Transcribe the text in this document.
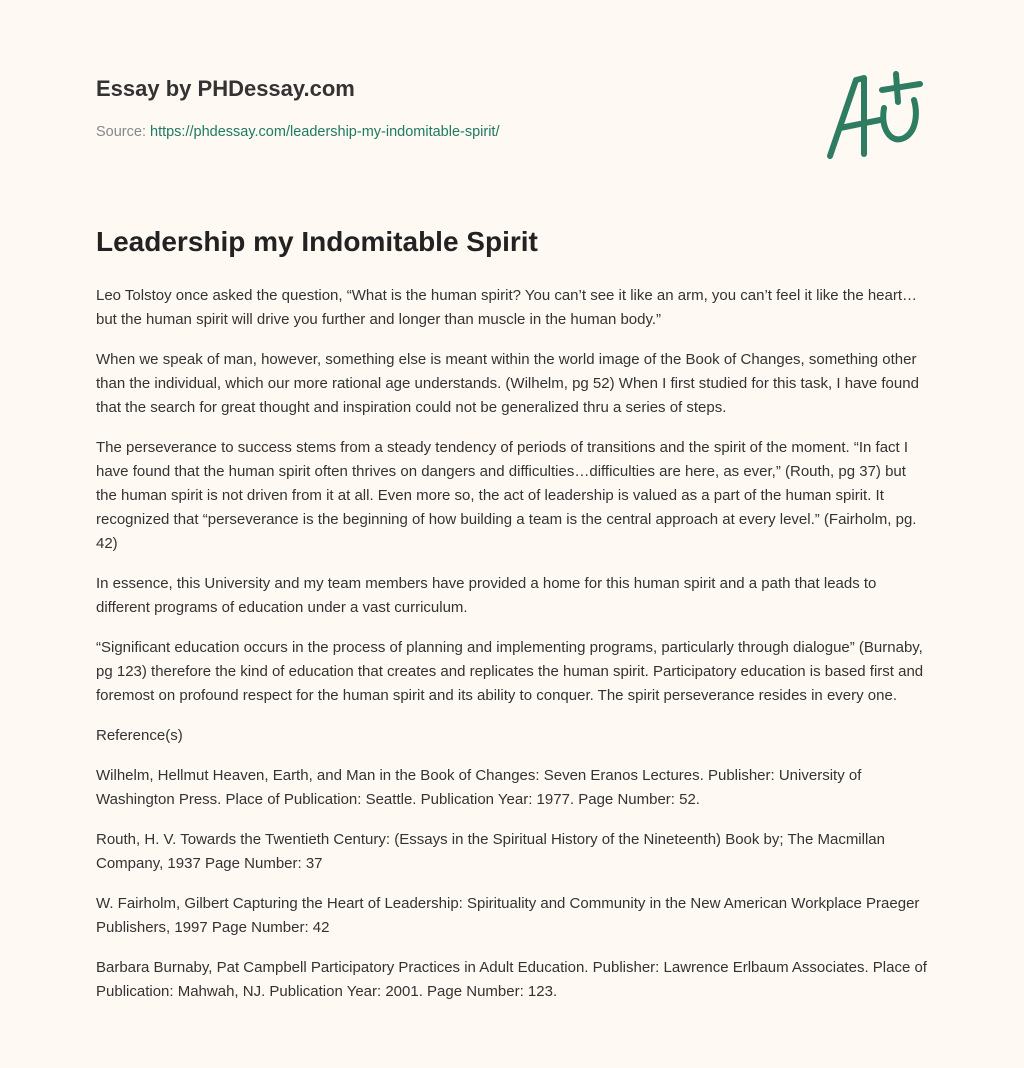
Essay by PHDessay.com
Source: https://phdessay.com/leadership-my-indomitable-spirit/
Leadership my Indomitable Spirit

Leo Tolstoy once asked the question, “What is the human spirit? You can’t see it like an arm, you can’t feel it like the heart…but the human spirit will drive you further and longer than muscle in the human body.”

When we speak of man, however, something else is meant within the world image of the Book of Changes, something other than the individual, which our more rational age understands. (Wilhelm, pg 52) When I first studied for this task, I have found that the search for great thought and inspiration could not be generalized thru a series of steps.

The perseverance to success stems from a steady tendency of periods of transitions and the spirit of the moment. “In fact I have found that the human spirit often thrives on dangers and difficulties…difficulties are here, as ever,” (Routh, pg 37) but the human spirit is not driven from it at all. Even more so, the act of leadership is valued as a part of the human spirit. It recognized that “perseverance is the beginning of how building a team is the central approach at every level.” (Fairholm, pg. 42)

In essence, this University and my team members have provided a home for this human spirit and a path that leads to different programs of education under a vast curriculum.

“Significant education occurs in the process of planning and implementing programs, particularly through dialogue” (Burnaby, pg 123) therefore the kind of education that creates and replicates the human spirit. Participatory education is based first and foremost on profound respect for the human spirit and its ability to conquer. The spirit perseverance resides in every one.

Reference(s)

Wilhelm, Hellmut Heaven, Earth, and Man in the Book of Changes: Seven Eranos Lectures. Publisher: University of Washington Press. Place of Publication: Seattle. Publication Year: 1977. Page Number: 52.

Routh, H. V. Towards the Twentieth Century: (Essays in the Spiritual History of the Nineteenth) Book by; The Macmillan Company, 1937 Page Number: 37

W. Fairholm, Gilbert Capturing the Heart of Leadership: Spirituality and Community in the New American Workplace Praeger Publishers, 1997 Page Number: 42

Barbara Burnaby, Pat Campbell Participatory Practices in Adult Education. Publisher: Lawrence Erlbaum Associates. Place of Publication: Mahwah, NJ. Publication Year: 2001. Page Number: 123.
